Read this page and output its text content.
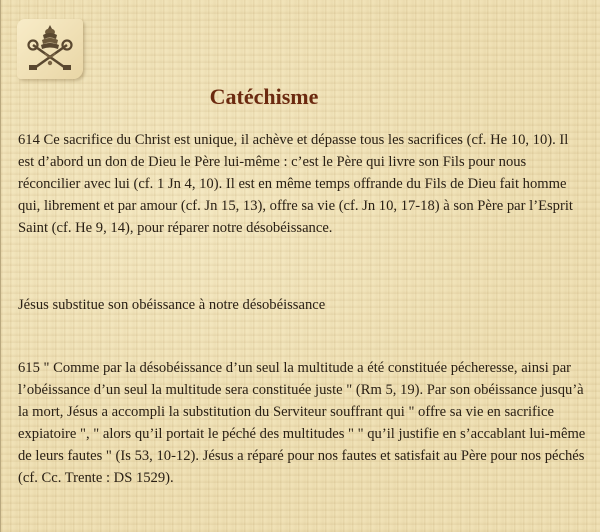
Catéchisme

614 Ce sacrifice du Christ est unique, il achève et dépasse tous les sacrifices (cf. He 10, 10). Il est d’abord un don de Dieu le Père lui-même : c’est le Père qui livre son Fils pour nous réconcilier avec lui (cf. 1 Jn 4, 10). Il est en même temps offrande du Fils de Dieu fait homme qui, librement et par amour (cf. Jn 15, 13), offre sa vie (cf. Jn 10, 17-18) à son Père par l’Esprit Saint (cf. He 9, 14), pour réparer notre désobéissance.

Jésus substitue son obéissance à notre désobéissance

615 " Comme par la désobéissance d’un seul la multitude a été constituée pécheresse, ainsi par l’obéissance d’un seul la multitude sera constituée juste " (Rm 5, 19). Par son obéissance jusqu’à la mort, Jésus a accompli la substitution du Serviteur souffrant qui " offre sa vie en sacrifice expiatoire ", " alors qu’il portait le péché des multitudes " " qu’il justifie en s’accablant lui-même de leurs fautes " (Is 53, 10-12). Jésus a réparé pour nos fautes et satisfait au Père pour nos péchés (cf. Cc. Trente : DS 1529).
